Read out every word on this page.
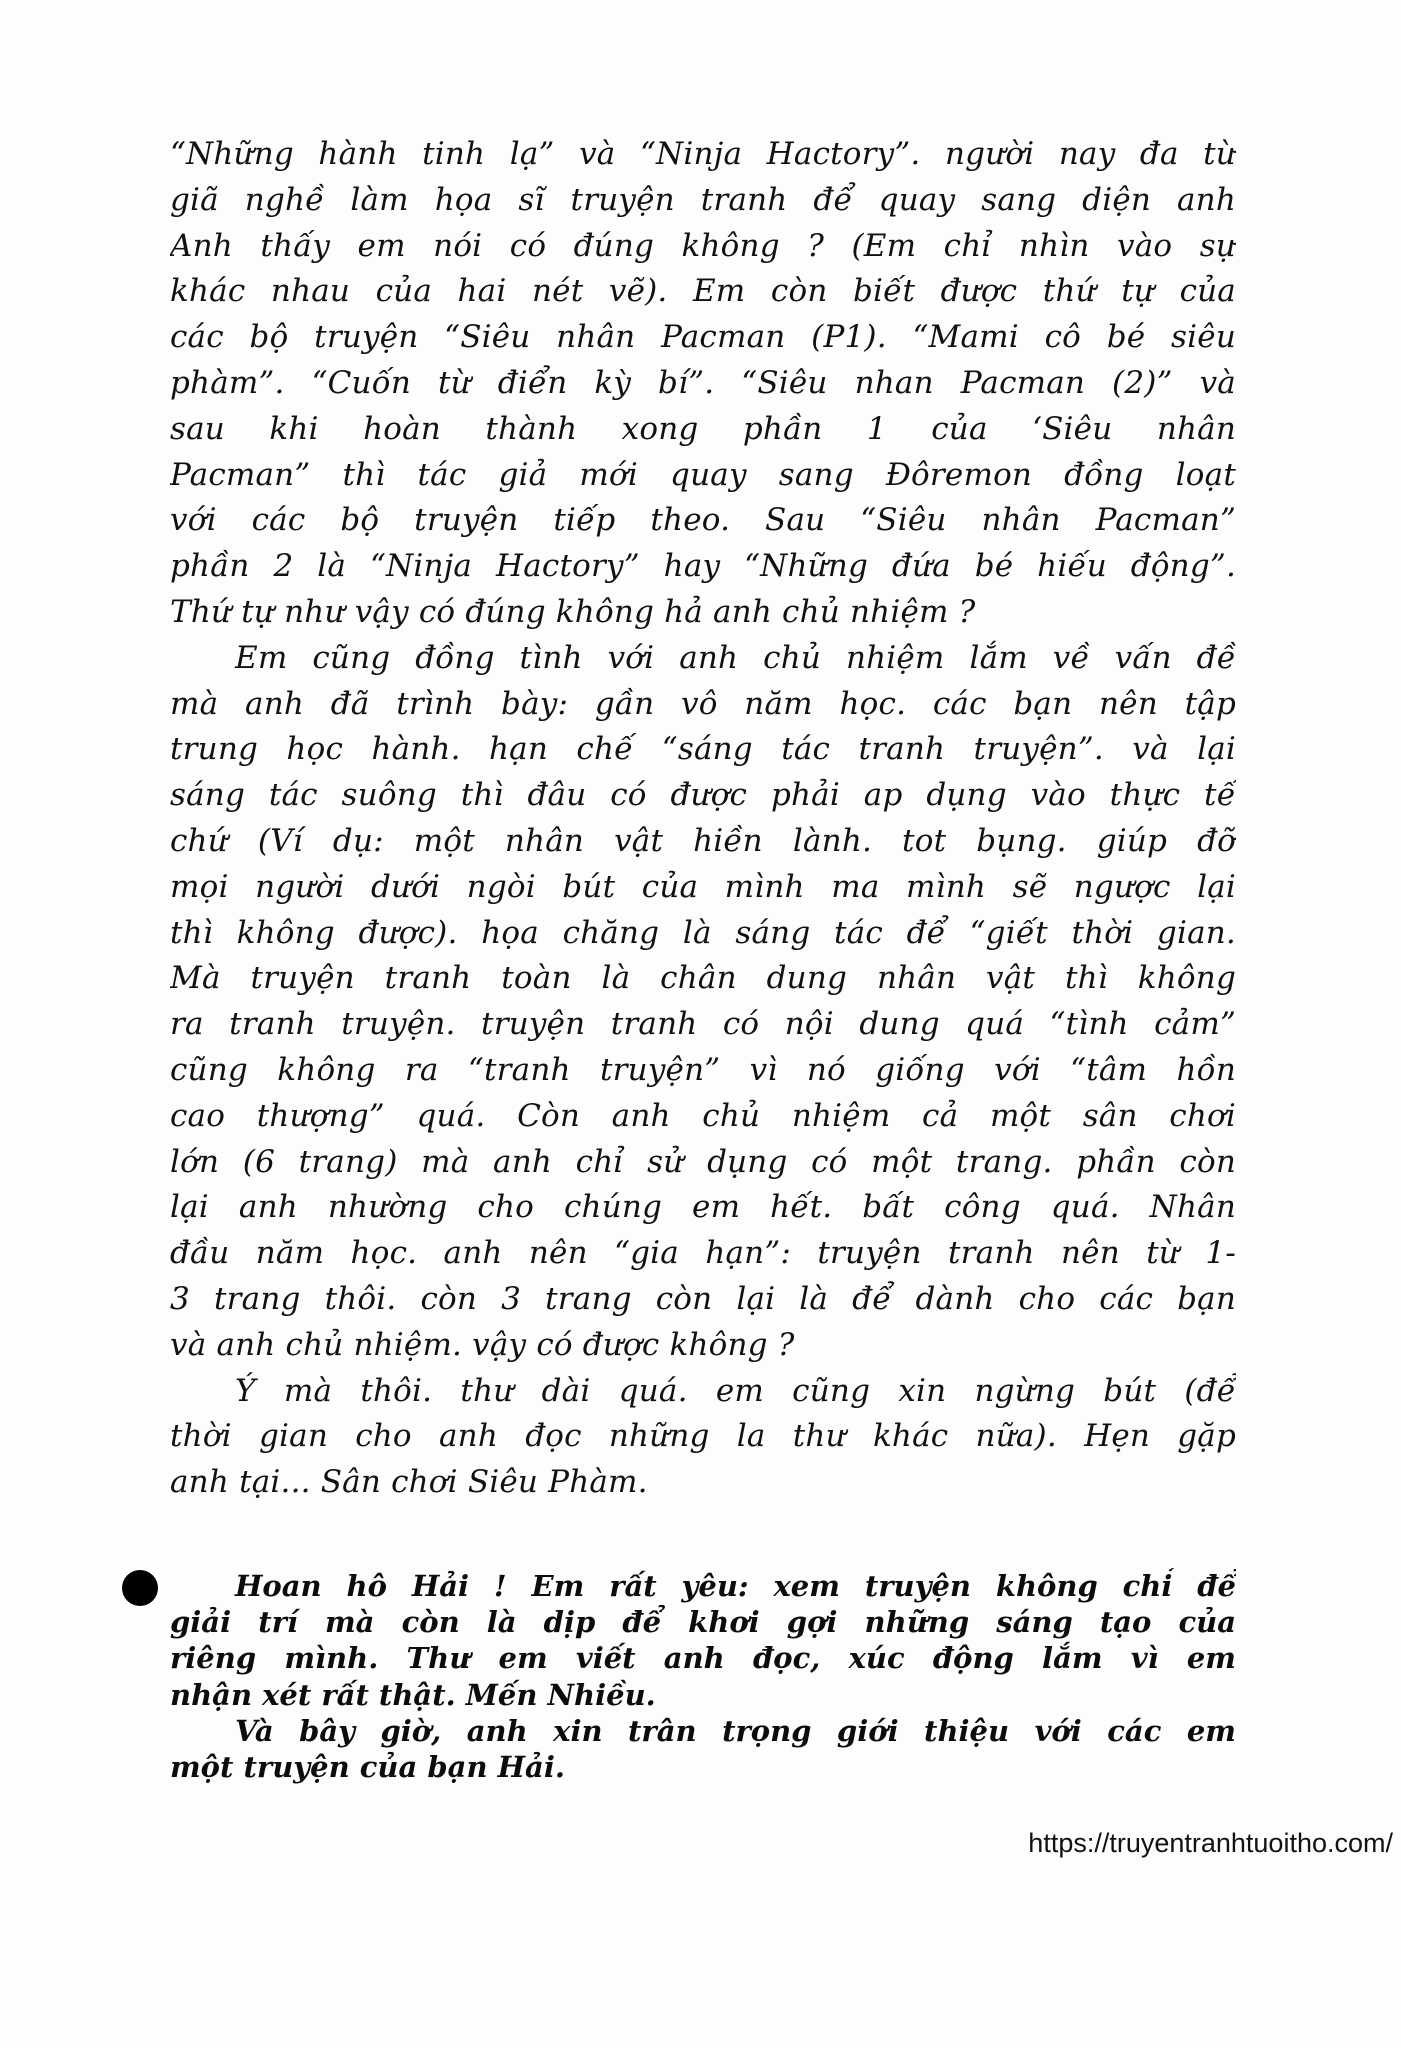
“Những hành tinh lạ” và “Ninja Hactory”. người nay đa từ
giã nghề làm họa sĩ truyện tranh để quay sang diện anh
Anh thấy em nói có đúng không ? (Em chỉ nhìn vào sự
khác nhau của hai nét vẽ). Em còn biết được thứ tự của
các bộ truyện “Siêu nhân Pacman (P1). “Mami cô bé siêu
phàm”. “Cuốn từ điển kỳ bí”. “Siêu nhan Pacman (2)” và
sau khi hoàn thành xong phần 1 của ‘Siêu nhân
Pacman” thì tác giả mới quay sang Đôremon đồng loạt
với các bộ truyện tiếp theo. Sau “Siêu nhân Pacman”
phần 2 là “Ninja Hactory” hay “Những đứa bé hiếu động”.
Thứ tự như vậy có đúng không hả anh chủ nhiệm ?
Em cũng đồng tình với anh chủ nhiệm lắm về vấn đề
mà anh đã trình bày: gần vô năm học. các bạn nên tập
trung học hành. hạn chế “sáng tác tranh truyện”. và lại
sáng tác suông thì đâu có được phải ap dụng vào thực tế
chứ (Ví dụ: một nhân vật hiền lành. tot bụng. giúp đỡ
mọi người dưới ngòi bút của mình ma mình sẽ ngược lại
thì không được). họa chăng là sáng tác để “giết thời gian.
Mà truyện tranh toàn là chân dung nhân vật thì không
ra tranh truyện. truyện tranh có nội dung quá “tình cảm”
cũng không ra “tranh truyện” vì nó giống với “tâm hồn
cao thượng” quá. Còn anh chủ nhiệm cả một sân chơi
lớn (6 trang) mà anh chỉ sử dụng có một trang. phần còn
lại anh nhường cho chúng em hết. bất công quá. Nhân
đầu năm học. anh nên “gia hạn”: truyện tranh nên từ 1-
3 trang thôi. còn 3 trang còn lại là để dành cho các bạn
và anh chủ nhiệm. vậy có được không ?
Ý mà thôi. thư dài quá. em cũng xin ngừng bút (để
thời gian cho anh đọc những la thư khác nữa). Hẹn gặp
anh tại... Sân chơi Siêu Phàm.
Hoan hô Hải ! Em rất yêu: xem truyện không chỉ để
giải trí mà còn là dịp để khơi gợi những sáng tạo của
riêng mình. Thư em viết anh đọc, xúc động lắm vì em
nhận xét rất thật. Mến Nhiều.
Và bây giờ, anh xin trân trọng giới thiệu với các em
một truyện của bạn Hải.
https://truyentranhtuoitho.com/
